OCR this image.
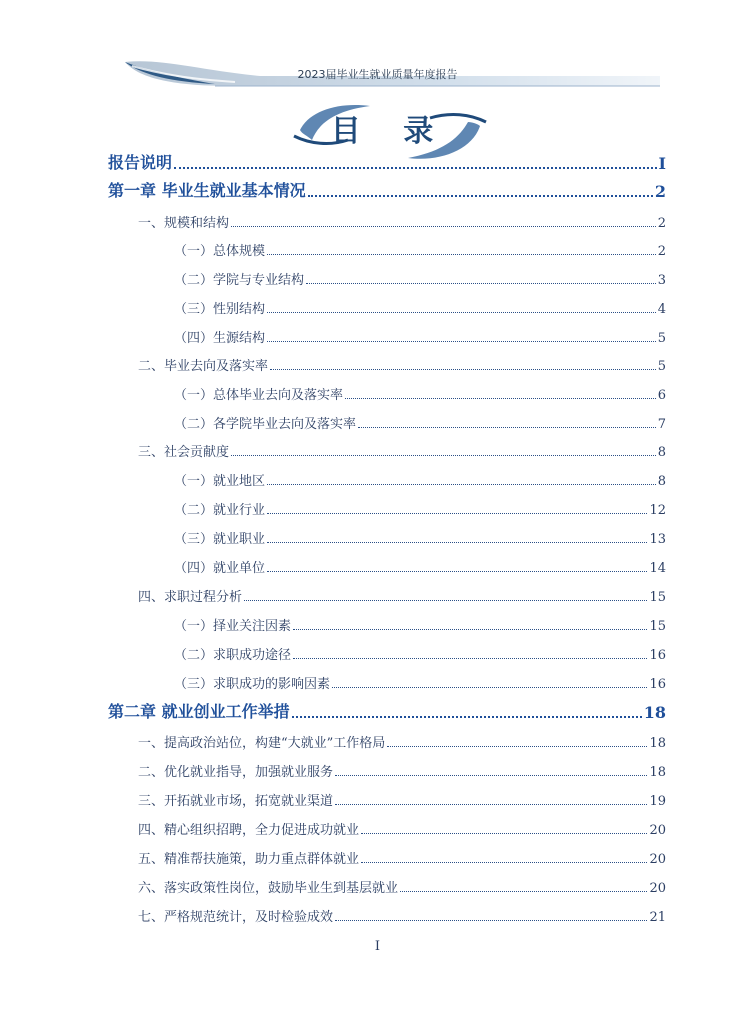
2023届毕业生就业质量年度报告
目 录
报告说明	I
第一章 毕业生就业基本情况	2
一、规模和结构	2
（一）总体规模	2
（二）学院与专业结构	3
（三）性别结构	4
（四）生源结构	5
二、毕业去向及落实率	5
（一）总体毕业去向及落实率	6
（二）各学院毕业去向及落实率	7
三、社会贡献度	8
（一）就业地区	8
（二）就业行业	12
（三）就业职业	13
（四）就业单位	14
四、求职过程分析	15
（一）择业关注因素	15
（二）求职成功途径	16
（三）求职成功的影响因素	16
第二章 就业创业工作举措	18
一、提高政治站位，构建“大就业”工作格局	18
二、优化就业指导，加强就业服务	18
三、开拓就业市场，拓宽就业渠道	19
四、精心组织招聘，全力促进成功就业	20
五、精准帮扶施策，助力重点群体就业	20
六、落实政策性岗位，鼓励毕业生到基层就业	20
七、严格规范统计，及时检验成效	21
I
